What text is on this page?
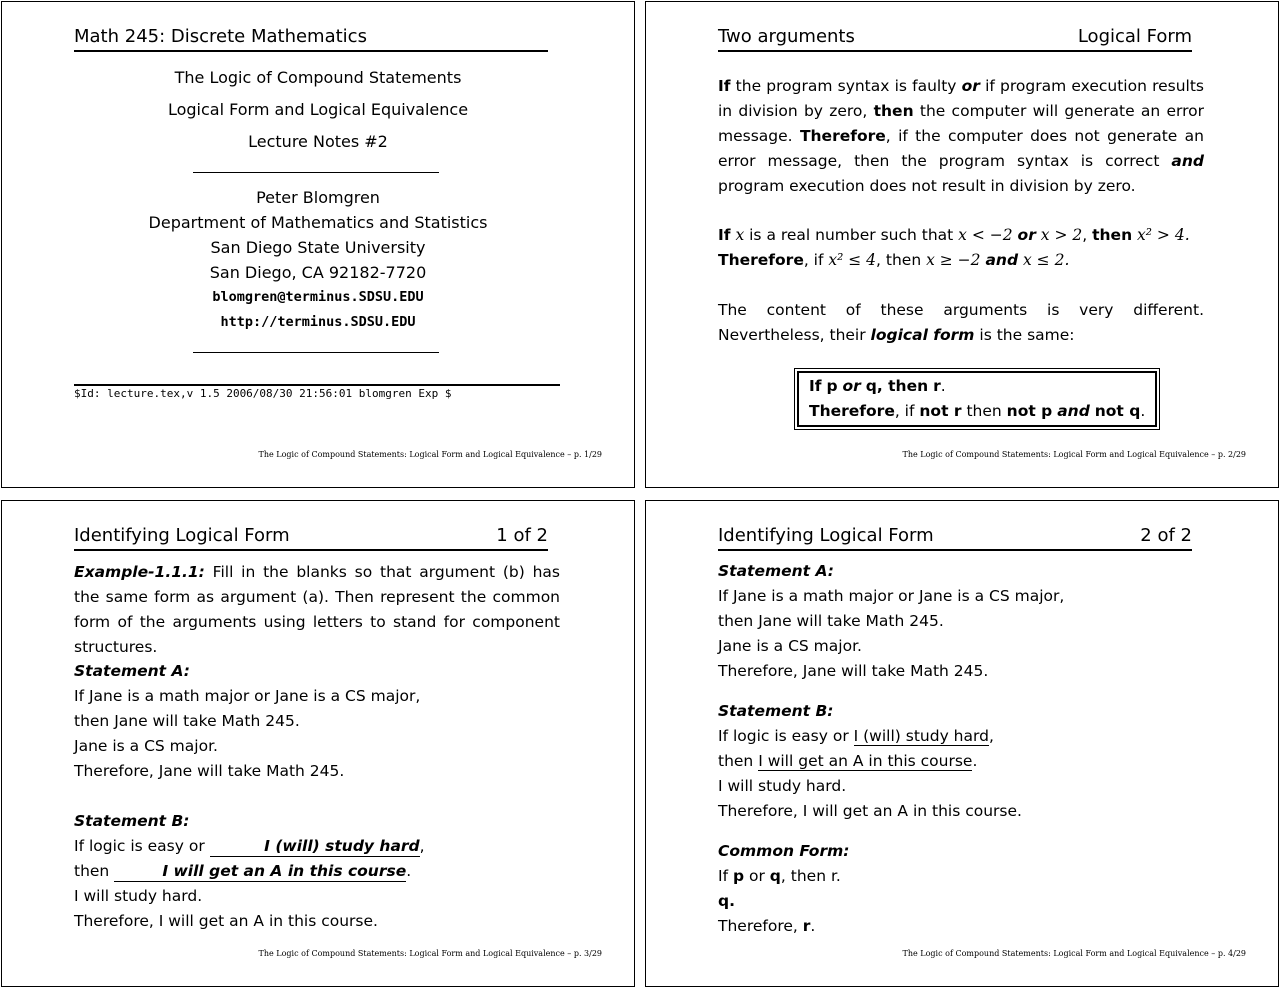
Math 245: Discrete Mathematics
The Logic of Compound Statements
Logical Form and Logical Equivalence
Lecture Notes #2
Peter Blomgren
Department of Mathematics and Statistics
San Diego State University
San Diego, CA 92182-7720
blomgren@terminus.SDSU.EDU
http://terminus.SDSU.EDU
$Id: lecture.tex,v 1.5 2006/08/30 21:56:01 blomgren Exp $
The Logic of Compound Statements: Logical Form and Logical Equivalence – p. 1/29
Two arguments	Logical Form
If the program syntax is faulty or if program execution results in division by zero, then the computer will generate an error message. Therefore, if the computer does not generate an error message, then the program syntax is correct and program execution does not result in division by zero.
If x is a real number such that x < −2 or x > 2, then x² > 4.
Therefore, if x² ≤ 4, then x ≥ −2 and x ≤ 2.
The content of these arguments is very different. Nevertheless, their logical form is the same:
If p or q, then r.
Therefore, if not r then not p and not q.
The Logic of Compound Statements: Logical Form and Logical Equivalence – p. 2/29
Identifying Logical Form	1 of 2
Example-1.1.1: Fill in the blanks so that argument (b) has the same form as argument (a). Then represent the common form of the arguments using letters to stand for component structures.
Statement A:
If Jane is a math major or Jane is a CS major,
then Jane will take Math 245.
Jane is a CS major.
Therefore, Jane will take Math 245.
Statement B:
If logic is easy or	I (will) study hard,
then	I will get an A in this course.
I will study hard.
Therefore, I will get an A in this course.
The Logic of Compound Statements: Logical Form and Logical Equivalence – p. 3/29
Identifying Logical Form	2 of 2
Statement A:
If Jane is a math major or Jane is a CS major,
then Jane will take Math 245.
Jane is a CS major.
Therefore, Jane will take Math 245.
Statement B:
If logic is easy or I (will) study hard,
then I will get an A in this course.
I will study hard.
Therefore, I will get an A in this course.
Common Form:
If p or q, then r.
q.
Therefore, r.
The Logic of Compound Statements: Logical Form and Logical Equivalence – p. 4/29
